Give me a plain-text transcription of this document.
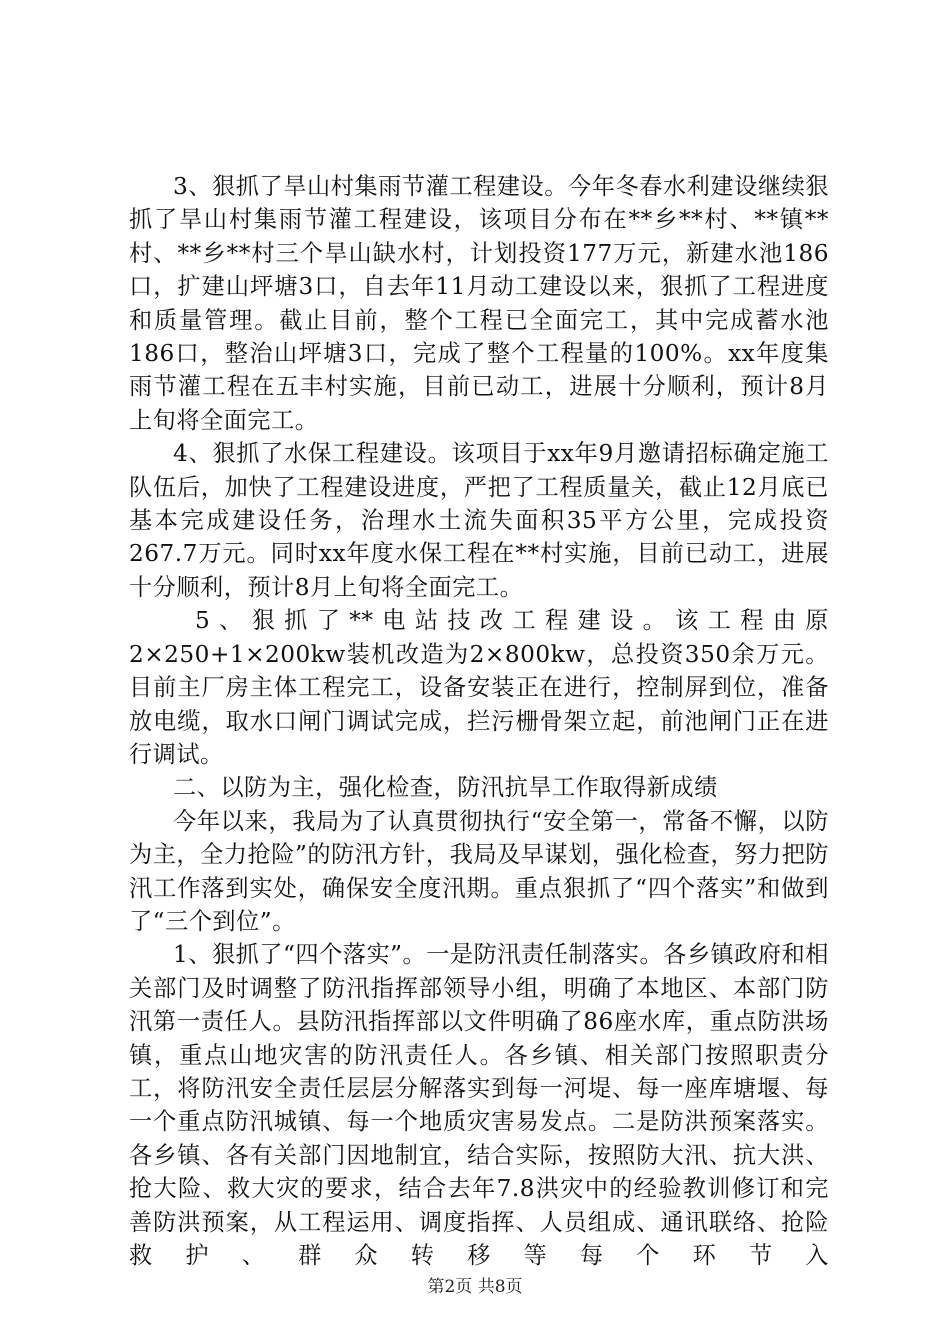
3、狠抓了旱山村集雨节灌工程建设。今年冬春水利建设继续狠抓了旱山村集雨节灌工程建设，该项目分布在**乡**村、**镇**村、**乡**村三个旱山缺水村，计划投资177万元，新建水池186口，扩建山坪塘3口，自去年11月动工建设以来，狠抓了工程进度和质量管理。截止目前，整个工程已全面完工，其中完成蓄水池186口，整治山坪塘3口，完成了整个工程量的100%。xx年度集雨节灌工程在五丰村实施，目前已动工，进展十分顺利，预计8月上旬将全面完工。

4、狠抓了水保工程建设。该项目于xx年9月邀请招标确定施工队伍后，加快了工程建设进度，严把了工程质量关，截止12月底已基本完成建设任务，治理水土流失面积35平方公里，完成投资267.7万元。同时xx年度水保工程在**村实施，目前已动工，进展十分顺利，预计8月上旬将全面完工。

5、狠抓了**电站技改工程建设。该工程由原2×250+1×200kw装机改造为2×800kw，总投资350余万元。目前主厂房主体工程完工，设备安装正在进行，控制屏到位，准备放电缆，取水口闸门调试完成，拦污栅骨架立起，前池闸门正在进行调试。

二、以防为主，强化检查，防汛抗旱工作取得新成绩

今年以来，我局为了认真贯彻执行“安全第一，常备不懈，以防为主，全力抢险”的防汛方针，我局及早谋划，强化检查，努力把防汛工作落到实处，确保安全度汛期。重点狠抓了“四个落实”和做到了“三个到位”。

1、狠抓了“四个落实”。一是防汛责任制落实。各乡镇政府和相关部门及时调整了防汛指挥部领导小组，明确了本地区、本部门防汛第一责任人。县防汛指挥部以文件明确了86座水库，重点防洪场镇，重点山地灾害的防汛责任人。各乡镇、相关部门按照职责分工，将防汛安全责任层层分解落实到每一河堤、每一座库塘堰、每一个重点防汛城镇、每一个地质灾害易发点。二是防洪预案落实。各乡镇、各有关部门因地制宜，结合实际，按照防大汛、抗大洪、抢大险、救大灾的要求，结合去年7.8洪灾中的经验教训修订和完善防洪预案，从工程运用、调度指挥、人员组成、通讯联络、抢险救护、群众转移等每个环节入

第2页 共8页
